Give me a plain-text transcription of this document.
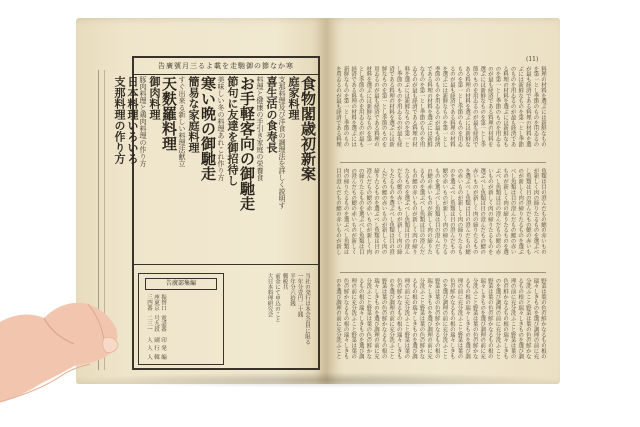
告廣號月三るよ載を走馳御の節なか寒
食物閣歳初新案
庭家料理
支那料理及び洋食の調理法を詳しく説明す
喜生活の食寿長
料理と健康の手引き家庭の栄養食
お手軽客向の御馳走
節句に友達を御招待し
美味しい冬の料理あれこれ作り方
寒い晩の御馳走
簡易な家庭料理
すぐ出来る新しい料理法献立
天麩羅料理
御肉料理
豚肉料理と鶏肉料理の作り方
日本料理いろいろ
支那料理の作り方
告廣部集編
振替口座東京三四番
電話番号九段二三一
印刷人
発行人
編輯人
当社の発行は本会会員に限る
一年分壹円二十銭
半年分六拾銭
郵税共
前金にて申込のこと
大日本料理研究会
(11)
料理の材料を選ぶには新鮮なもの
を第一とし季節のものを用ゐるの
が最も経済である料理の材料を選
ぶには新鮮なものを第一とし季節
のものを用ゐるのが最も経済であ
る料理の材料を選ぶには新鮮なも
のを第一とし季節のものを用ゐる
のが最も経済である料理の材料を
選ぶには新鮮なものを第一とし季
節のものを用ゐるのが最も経済で
ある料理の材料を選ぶには新鮮な
ものを第一とし季節のものを用ゐ
るのが最も経済である料理の材料
を選ぶには新鮮なものを第一とし
季節のものを用ゐるのが最も経済
である料理の材料を選ぶには新鮮
なものを第一とし季節のものを用
ゐるのが最も経済である料理の材
料を選ぶには新鮮なものを第一と
し季節のものを用ゐるのが最も経
済である料理の材料を選ぶには新
鮮なものを第一とし季節のものを
用ゐるのが最も経済である料理の
材料を選ぶには新鮮なものを第一
とし季節のものを用ゐるのが最も
経済である料理の材料を選ぶには
新鮮なものを第一とし季節のもの
を用ゐるのが最も経済である料理
魚類は目の澄んだもの鰓の赤いもの
が新しく肉の締りたるものを選ぶべ
し魚類は目の澄んだもの鰓の赤いも
のが新しく肉の締りたるものを選ぶ
べし魚類は目の澄んだもの鰓の赤い
ものが新しく肉の締りたるものを選
ぶべし魚類は目の澄んだもの鰓の赤
いものが新しく肉の締りたるものを
選ぶべし魚類は目の澄んだもの鰓の
赤いものが新しく肉の締りたるもの
を選ぶべし魚類は目の澄んだもの鰓
の赤いものが新しく肉の締りたるも
のを選ぶべし魚類は目の澄んだもの
鰓の赤いものが新しく肉の締りたる
ものを選ぶべし魚類は目の澄んだも
の鰓の赤いものが新しく肉の締りた
るものを選ぶべし魚類は目の澄んだ
もの鰓の赤いものが新しく肉の締り
たるものを選ぶべし魚類は目の澄ん
だもの鰓の赤いものが新しく肉の締
りたるものを選ぶべし魚類は目の澄
んだもの鰓の赤いものが新しく肉の
締りたるものを選ぶべし魚類は目の
澄んだもの鰓の赤いものが新しく肉
の締りたるものを選ぶべし魚類は目
の澄んだもの鰓の赤いものが新しく
肉の締りたるものを選ぶべし魚類は
目の澄んだもの鰓の赤いものが新し
野菜は葉の色の鮮かなるもの根の
瑞々しきものを選び調理の前に充
分洗ふこと野菜は葉の色の鮮かな
るもの根の瑞々しきものを選び調
理の前に充分洗ふこと野菜は葉の
色の鮮かなるもの根の瑞々しきも
のを選び調理の前に充分洗ふこと
野菜は葉の色の鮮かなるもの根の
瑞々しきものを選び調理の前に充
分洗ふこと野菜は葉の色の鮮かな
るもの根の瑞々しきものを選び調
理の前に充分洗ふこと野菜は葉の
色の鮮かなるもの根の瑞々しきも
のを選び調理の前に充分洗ふこと
野菜は葉の色の鮮かなるもの根の
瑞々しきものを選び調理の前に充
分洗ふこと野菜は葉の色の鮮かな
るもの根の瑞々しきものを選び調
理の前に充分洗ふこと野菜は葉の
色の鮮かなるもの根の瑞々しきも
のを選び調理の前に充分洗ふこと
野菜は葉の色の鮮かなるもの根の
瑞々しきものを選び調理の前に充
分洗ふこと野菜は葉の色の鮮かな
るもの根の瑞々しきものを選び調
理の前に充分洗ふこと野菜は葉の
色の鮮かなるもの根の瑞々しきも
のを選び調理の前に充分洗ふこと
